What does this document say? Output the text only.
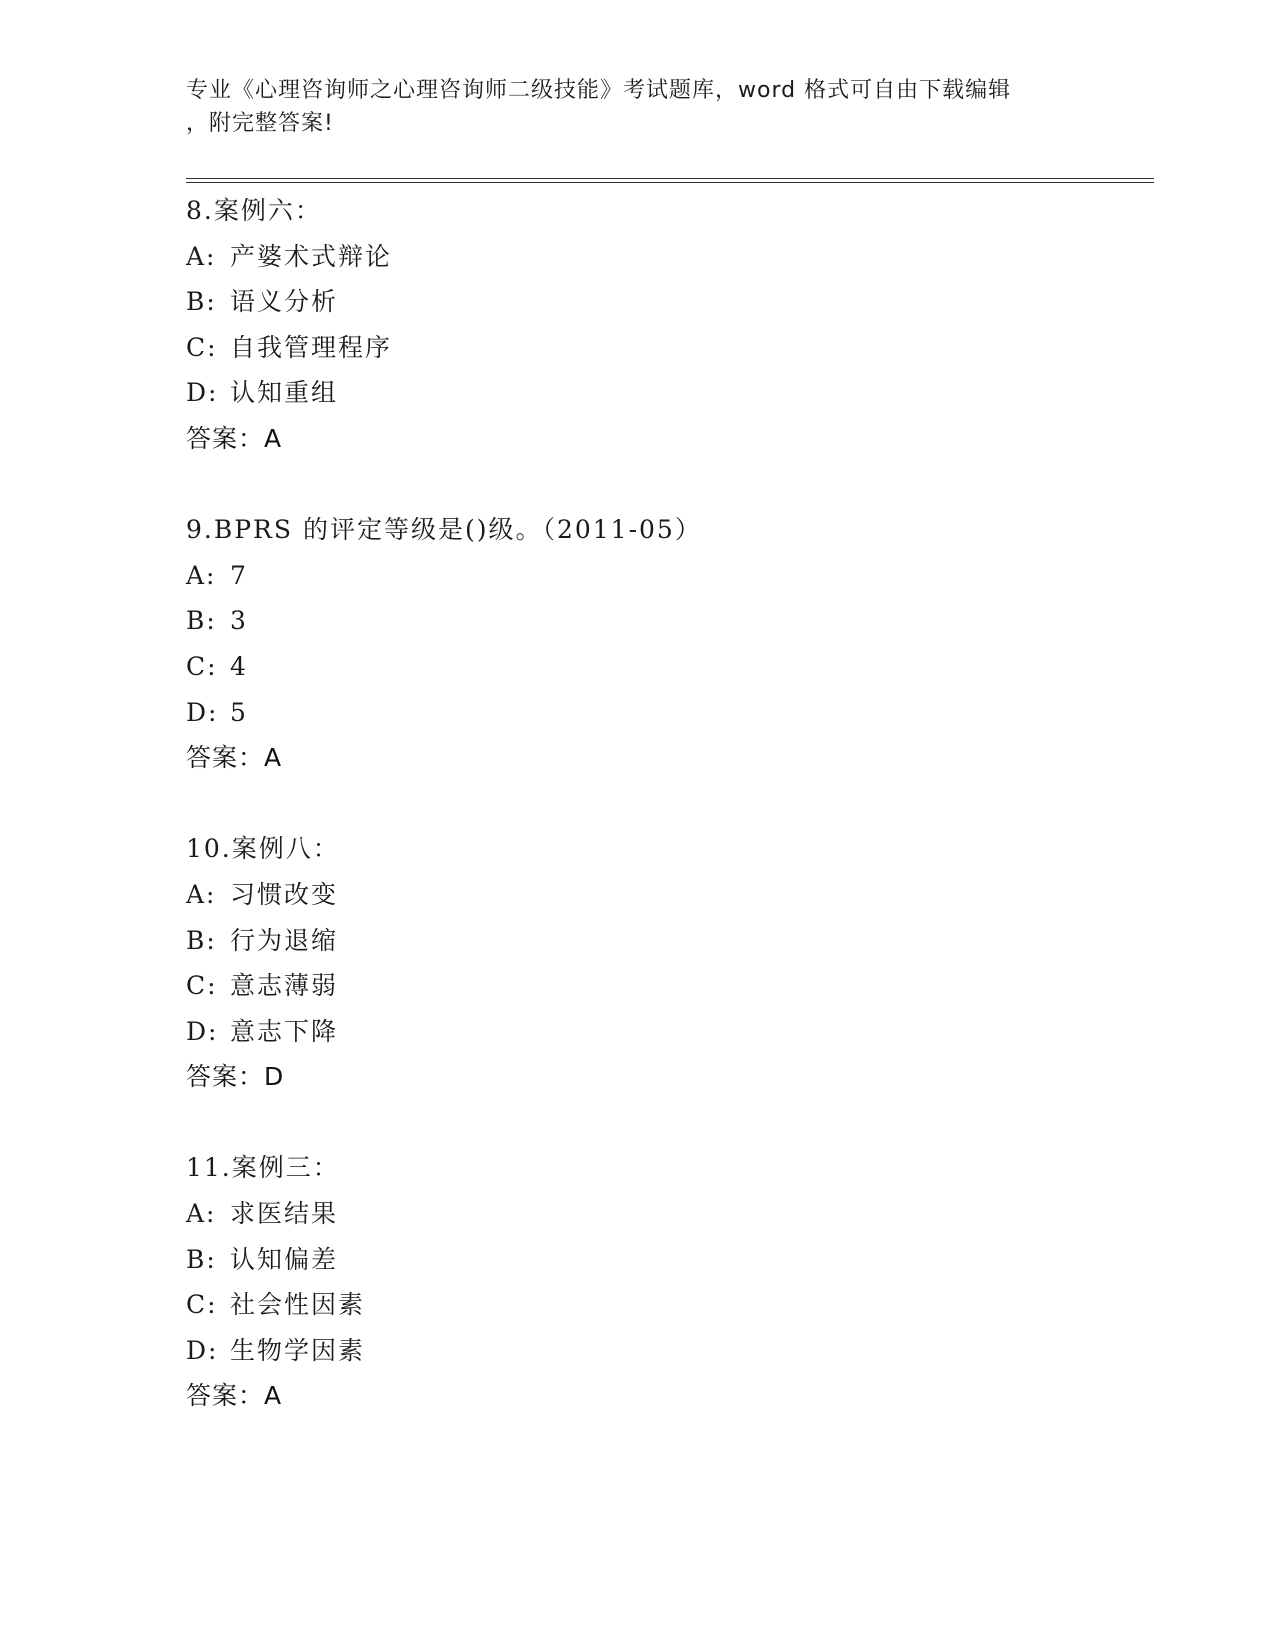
专业《心理咨询师之心理咨询师二级技能》考试题库，word 格式可自由下载编辑
，附完整答案!
8.案例六：
A: 产婆术式辩论
B: 语义分析
C: 自我管理程序
D: 认知重组
答案：A
9.BPRS 的评定等级是()级。（2011-05）
A: 7
B: 3
C: 4
D: 5
答案：A
10.案例八：
A: 习惯改变
B: 行为退缩
C: 意志薄弱
D: 意志下降
答案：D
11.案例三：
A: 求医结果
B: 认知偏差
C: 社会性因素
D: 生物学因素
答案：A
